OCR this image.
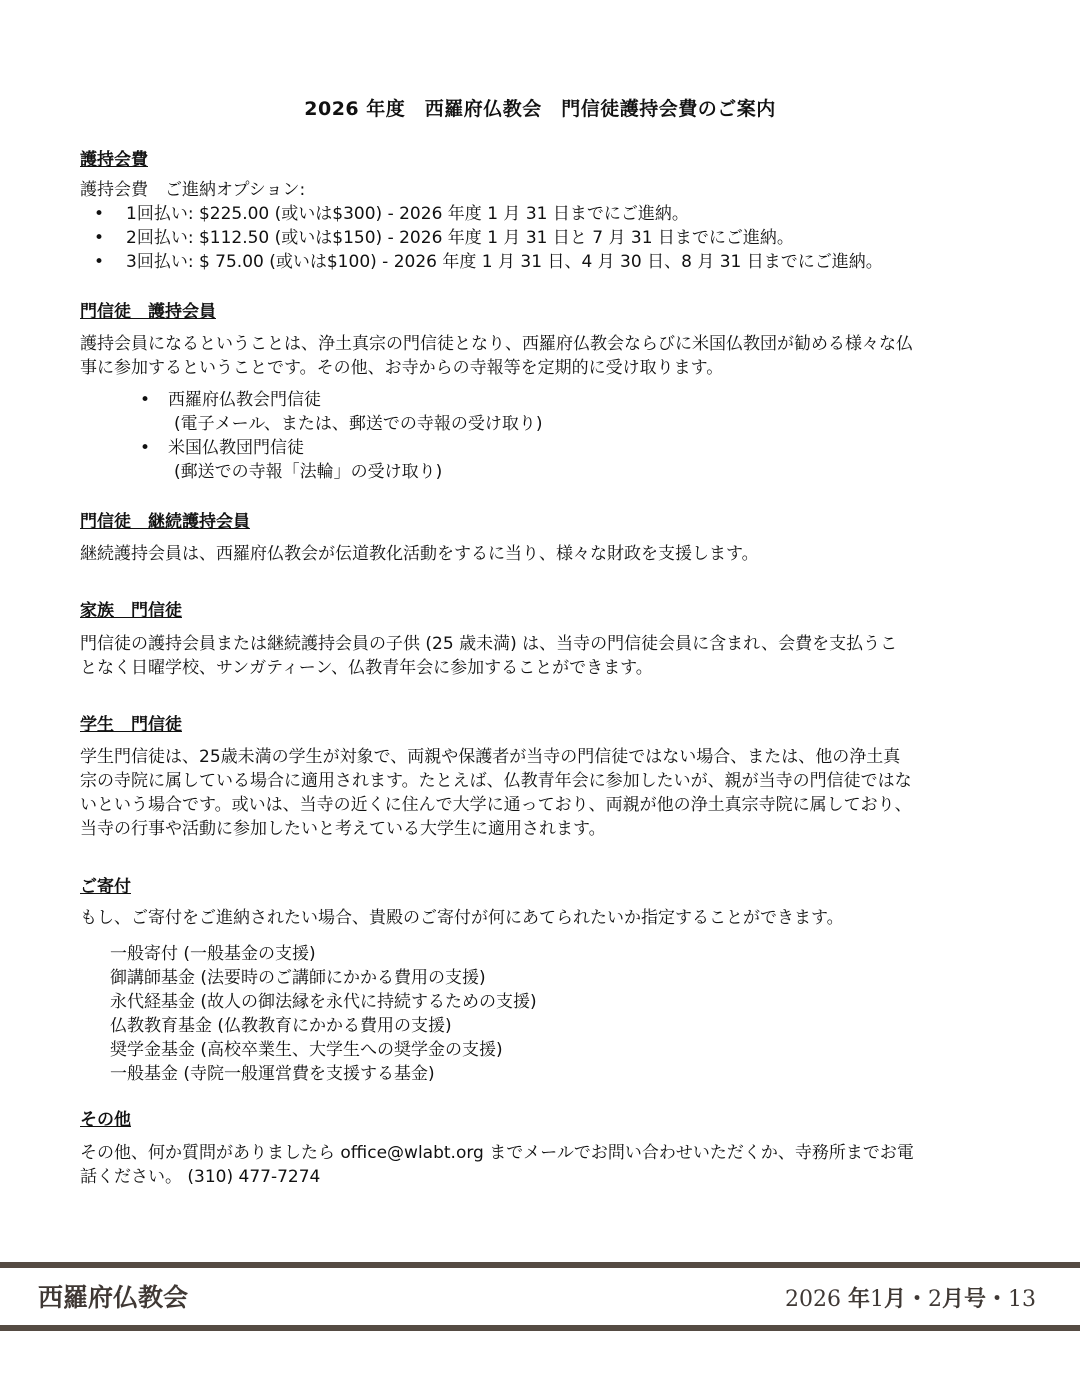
2026 年度　西羅府仏教会　門信徒護持会費のご案内
護持会費
護持会費　ご進納オプション:
• 1回払い: $225.00 (或いは$300) - 2026 年度 1 月 31 日までにご進納。
• 2回払い: $112.50 (或いは$150) - 2026 年度 1 月 31 日と 7 月 31 日までにご進納。
• 3回払い: $ 75.00 (或いは$100) - 2026 年度 1 月 31 日、4 月 30 日、8 月 31 日までにご進納。
門信徒　護持会員
護持会員になるということは、浄土真宗の門信徒となり、西羅府仏教会ならびに米国仏教団が勧める様々な仏
事に参加するということです。その他、お寺からの寺報等を定期的に受け取ります。
• 西羅府仏教会門信徒
(電子メール、または、郵送での寺報の受け取り)
• 米国仏教団門信徒
(郵送での寺報「法輪」の受け取り)
門信徒　継続護持会員
継続護持会員は、西羅府仏教会が伝道教化活動をするに当り、様々な財政を支援します。
家族　門信徒
門信徒の護持会員または継続護持会員の子供 (25 歳未満) は、当寺の門信徒会員に含まれ、会費を支払うこ
となく日曜学校、サンガティーン、仏教青年会に参加することができます。
学生　門信徒
学生門信徒は、25歳未満の学生が対象で、両親や保護者が当寺の門信徒ではない場合、または、他の浄土真
宗の寺院に属している場合に適用されます。たとえば、仏教青年会に参加したいが、親が当寺の門信徒ではな
いという場合です。或いは、当寺の近くに住んで大学に通っており、両親が他の浄土真宗寺院に属しており、
当寺の行事や活動に参加したいと考えている大学生に適用されます。
ご寄付
もし、ご寄付をご進納されたい場合、貴殿のご寄付が何にあてられたいか指定することができます。
一般寄付 (一般基金の支援)
御講師基金 (法要時のご講師にかかる費用の支援)
永代経基金 (故人の御法縁を永代に持続するための支援)
仏教教育基金 (仏教教育にかかる費用の支援)
奨学金基金 (高校卒業生、大学生への奨学金の支援)
一般基金 (寺院一般運営費を支援する基金)
その他
その他、何か質問がありましたら office@wlabt.org までメールでお問い合わせいただくか、寺務所までお電
話ください。 (310) 477-7274
西羅府仏教会	2026 年1月・2月号・13
